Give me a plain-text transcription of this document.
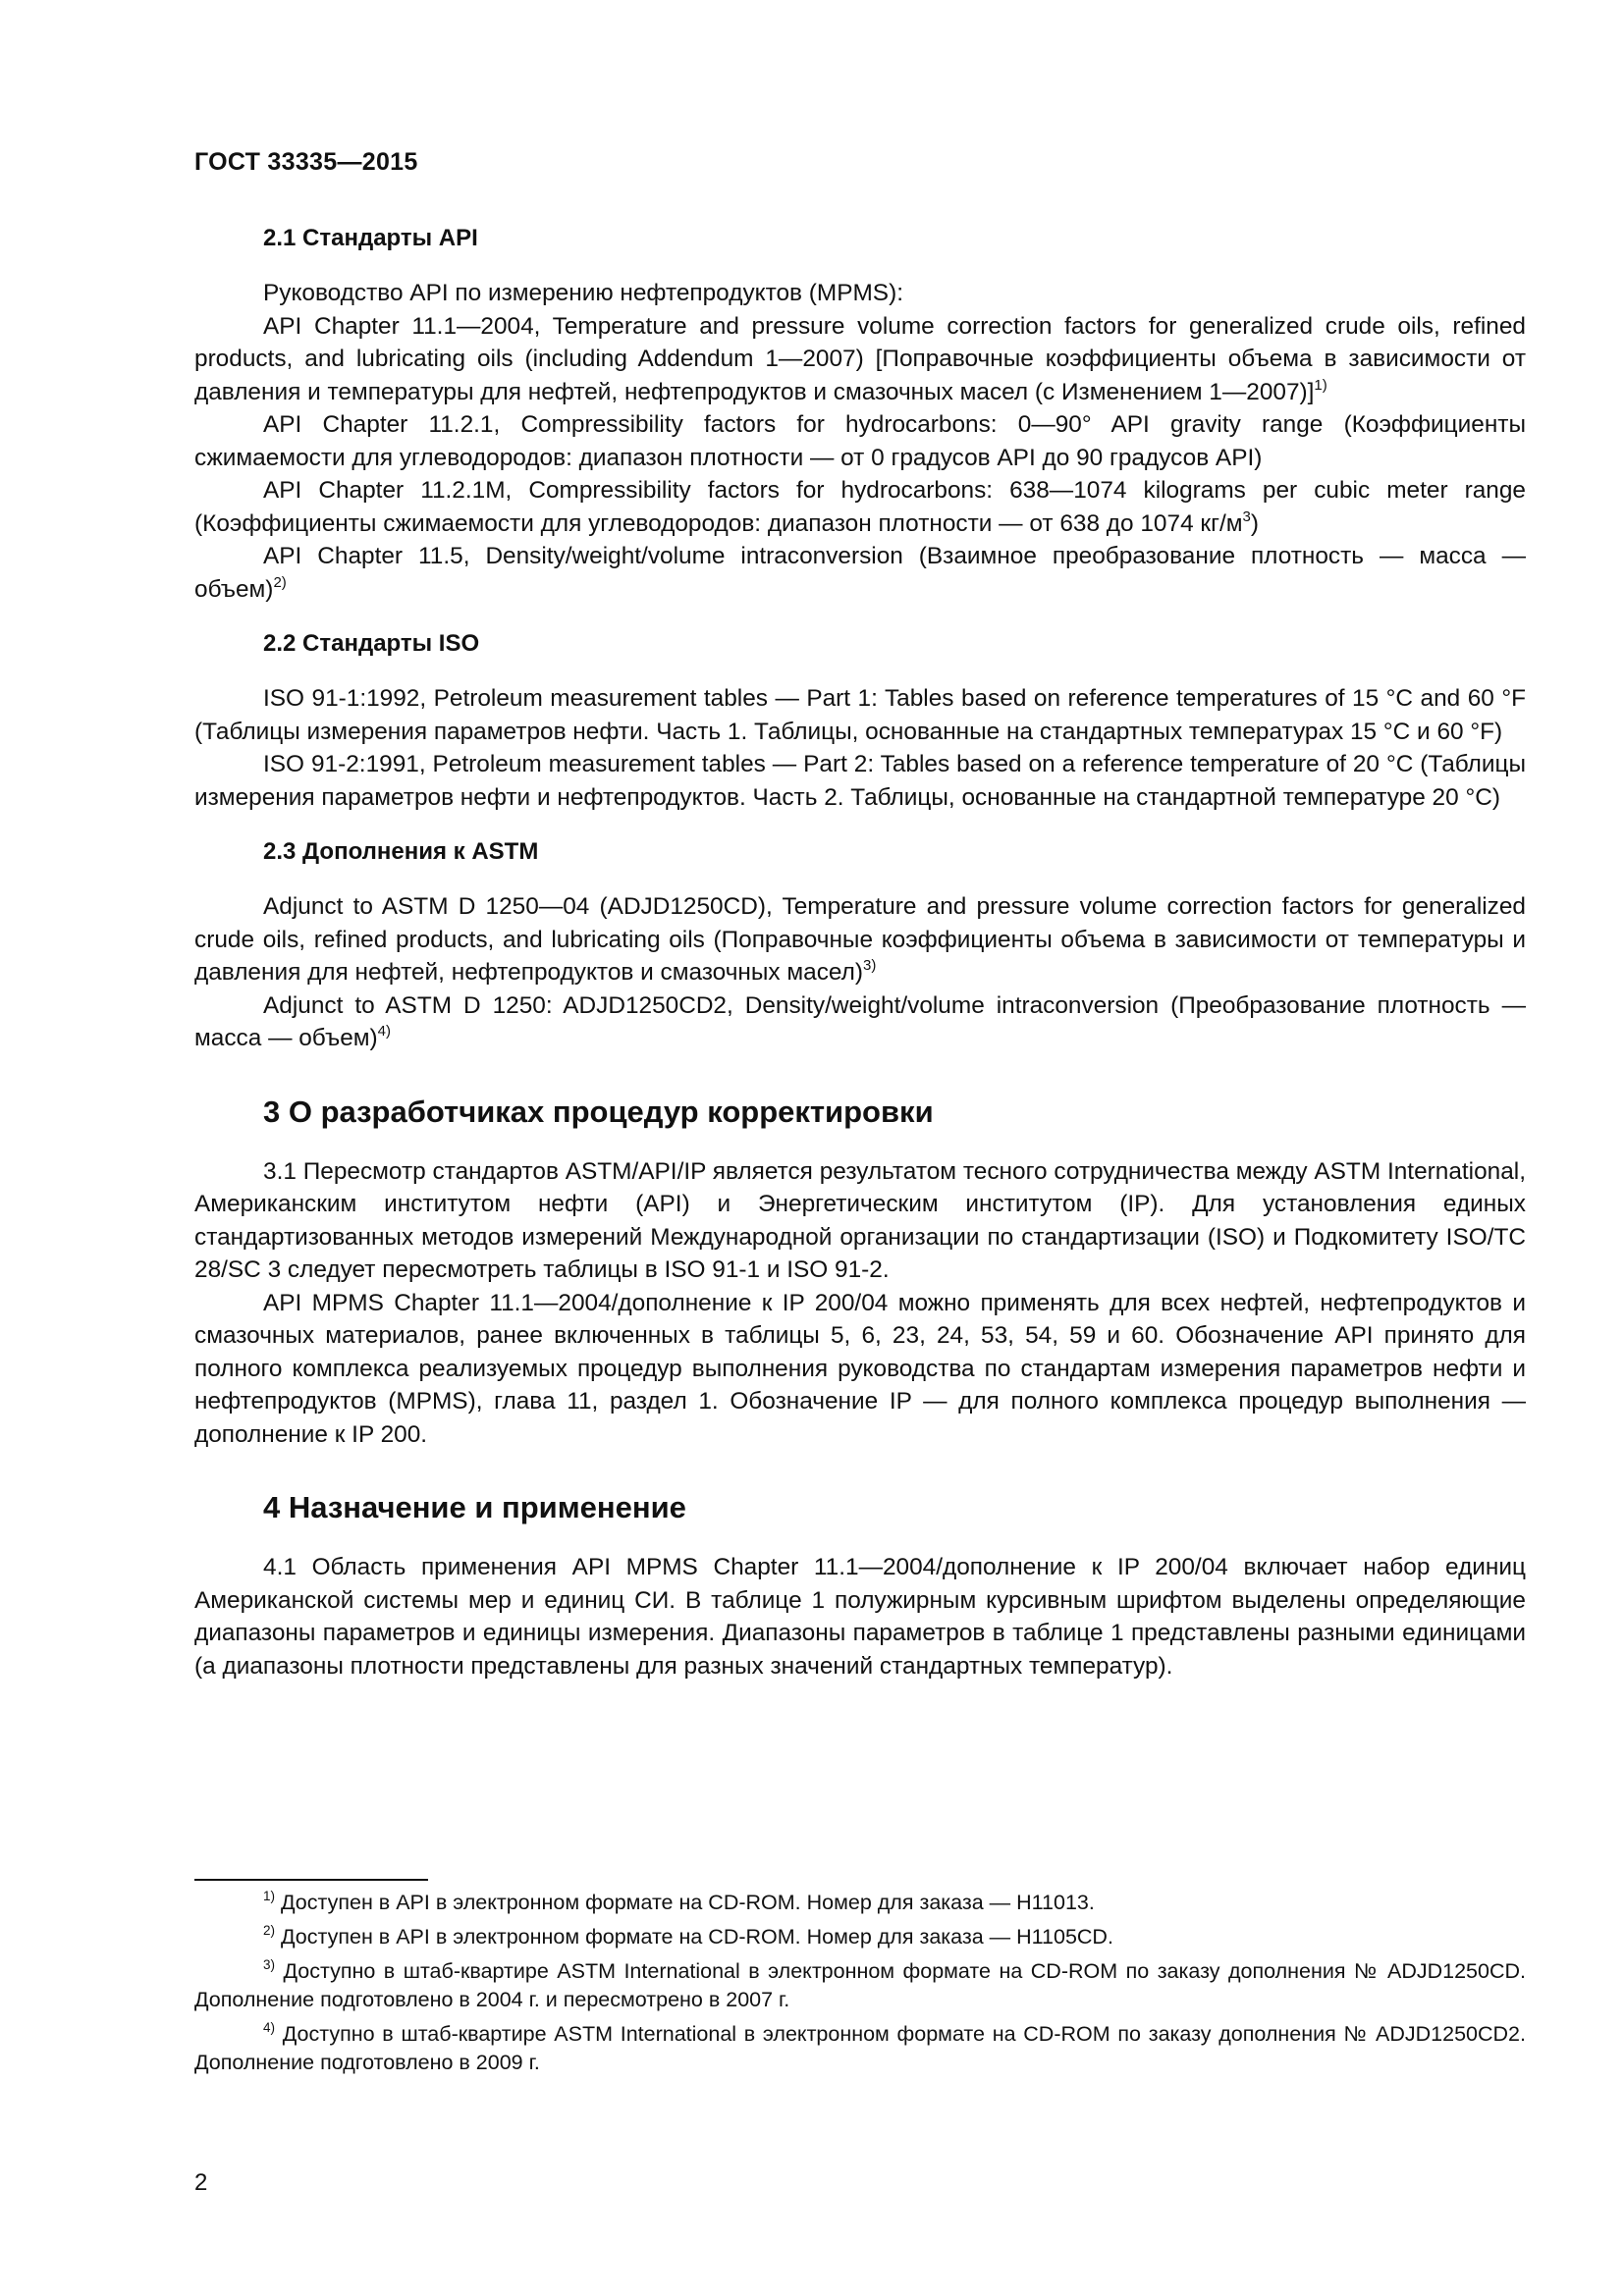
ГОСТ 33335—2015
2.1 Стандарты API

Руководство API по измерению нефтепродуктов (MPMS):

API Chapter 11.1—2004, Temperature and pressure volume correction factors for generalized crude oils, refined products, and lubricating oils (including Addendum 1—2007) [Поправочные коэффициенты объема в зависимости от давления и температуры для нефтей, нефтепродуктов и смазочных масел (с Изменением 1—2007)]$^{1)}$

API Chapter 11.2.1, Compressibility factors for hydrocarbons: 0—90° API gravity range (Коэффициенты сжимаемости для углеводородов: диапазон плотности — от 0 градусов API до 90 градусов API)

API Chapter 11.2.1M, Compressibility factors for hydrocarbons: 638—1074 kilograms per cubic meter range (Коэффициенты сжимаемости для углеводородов: диапазон плотности — от 638 до 1074 $кг/м^3$)

API Chapter 11.5, Density/weight/volume intraconversion (Взаимное преобразование плотность — масса — объем)$^{2)}$

2.2 Стандарты ISO

ISO 91-1:1992, Petroleum measurement tables — Part 1: Tables based on reference temperatures of 15 °C and 60 °F (Таблицы измерения параметров нефти. Часть 1. Таблицы, основанные на стандартных температурах 15 °C и 60 °F)

ISO 91-2:1991, Petroleum measurement tables — Part 2: Tables based on a reference temperature of 20 °C (Таблицы измерения параметров нефти и нефтепродуктов. Часть 2. Таблицы, основанные на стандартной температуре 20 °C)

2.3 Дополнения к ASTM

Adjunct to ASTM D 1250—04 (ADJD1250CD), Temperature and pressure volume correction factors for generalized crude oils, refined products, and lubricating oils (Поправочные коэффициенты объема в зависимости от температуры и давления для нефтей, нефтепродуктов и смазочных масел)$^{3)}$

Adjunct to ASTM D 1250: ADJD1250CD2, Density/weight/volume intraconversion (Преобразование плотность — масса — объем)$^{4)}$

3 О разработчиках процедур корректировки

3.1 Пересмотр стандартов ASTM/API/IP является результатом тесного сотрудничества между ASTM International, Американским институтом нефти (API) и Энергетическим институтом (IP). Для установления единых стандартизованных методов измерений Международной организации по стандартизации (ISO) и Подкомитету ISO/TC 28/SC 3 следует пересмотреть таблицы в ISO 91-1 и ISO 91-2.

API MPMS Chapter 11.1—2004/дополнение к IP 200/04 можно применять для всех нефтей, нефтепродуктов и смазочных материалов, ранее включенных в таблицы 5, 6, 23, 24, 53, 54, 59 и 60. Обозначение API принято для полного комплекса реализуемых процедур выполнения руководства по стандартам измерения параметров нефти и нефтепродуктов (MPMS), глава 11, раздел 1. Обозначение IP — для полного комплекса процедур выполнения — дополнение к IP 200.

4 Назначение и применение

4.1 Область применения API MPMS Chapter 11.1—2004/дополнение к IP 200/04 включает набор единиц Американской системы мер и единиц СИ. В таблице 1 полужирным курсивным шрифтом выделены определяющие диапазоны параметров и единицы измерения. Диапазоны параметров в таблице 1 представлены разными единицами (а диапазоны плотности представлены для разных значений стандартных температур).

$^{1)}$ Доступен в API в электронном формате на CD-ROM. Номер для заказа — H11013.

$^{2)}$ Доступен в API в электронном формате на CD-ROM. Номер для заказа — H1105CD.

$^{3)}$ Доступно в штаб-квартире ASTM International в электронном формате на CD-ROM по заказу дополнения № ADJD1250CD. Дополнение подготовлено в 2004 г. и пересмотрено в 2007 г.

$^{4)}$ Доступно в штаб-квартире ASTM International в электронном формате на CD-ROM по заказу дополнения № ADJD1250CD2. Дополнение подготовлено в 2009 г.

2
